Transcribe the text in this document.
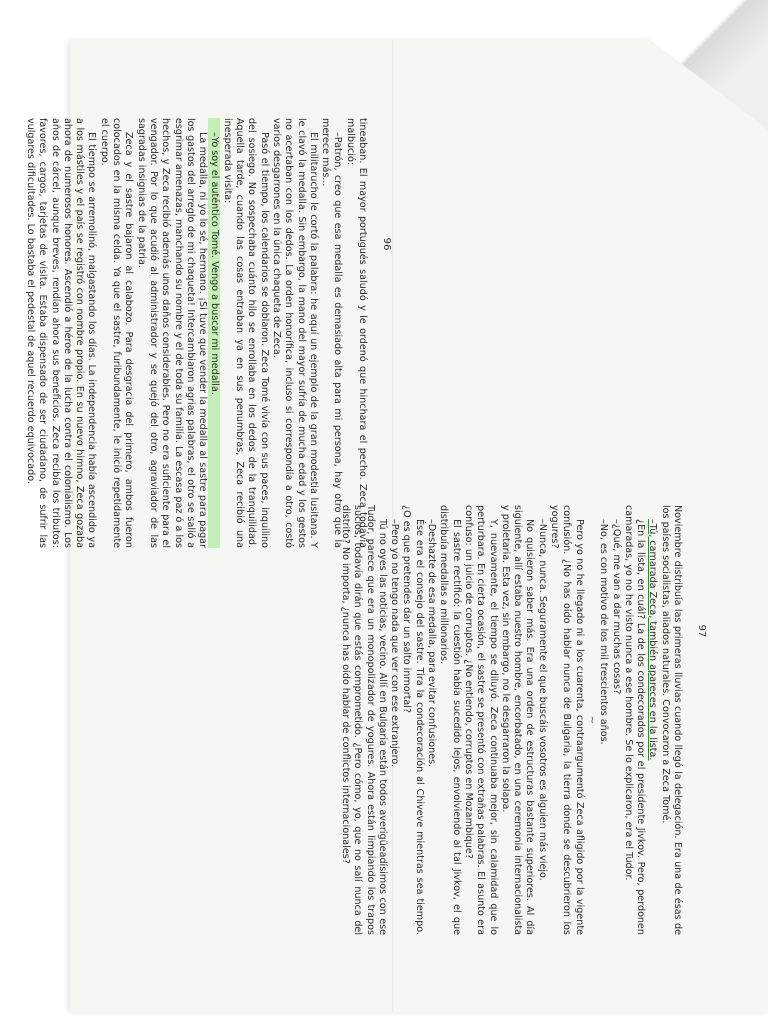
96

tineaban. El mayor portugués saludó y le ordenó que hinchara el pecho. Zeca todavía malbució:

–Patrón, creo que esa medalla es demasiado alta para mi persona, hay otro que la merece más...

El militarucho le cortó la palabra: he aquí un ejemplo de la gran modestia lusitana. Y le clavó la medalla. Sin embargo, la mano del mayor sufría de mucha edad y los gestos no acertaban con los dedos. La orden honorífica, incluso si correspondía a otro, costó varios desgarrones en la única chaqueta de Zeca.

Pasó el tiempo, los calendarios se doblaron. Zeca Tomé vivía con sus paces, inquilino del sosiego. No sospechaba cuánto hilo se enrollaba en los dedos de la tranquilidad. Aquella tarde, cuando las cosas entraban ya en sus penumbras, Zeca recibió una inesperada visita:

–Yo soy el auténtico Tomé. Vengo a buscar mi medalla.

La medalla, ni yo lo sé, hermano. ¡Si tuve que vender la medalla al sastre para pagar los gastos del arreglo de mi chaqueta! Intercambiaron agrias palabras, el otro se salió a esgrimar amenazas, manchando su nombre y el de toda su familia. La escasa paz ó a los hechos, y Zeca recibió además unos daños considerables. Pero no era suficiente para el vengador. Por lo que acudió al administrador y se quejó del otro, agraviador de las sagradas insignias de la patria.

Zeca y el sastre bajaron al calabozo. Para desgracia del primero, ambos fueron colocados en la misma celda. Ya que el sastre, furibundamente, le inició repetidamente el cuerpo.

El tiempo se arremolinó, malgastando los días. La independencia había ascendido ya a los mástiles y el país se registró con nombre propio. En su nuevo himno, Zeca gozaba ahora de numerosos honores. Ascendió a héroe de la lucha contra el colonialismo. Los años de cárcel, aunque breves, rendían ahora sus beneficios. Zeca recibía los tributos: favores, cargos, tarjetas de visita. Estaba dispensado de ser ciudadano, de sufrir las vulgares dificultades. Lo bastaba el pedestal de aquel recuerdo equivocado.

97

Noviembre distribuía las primeras lluvias cuando llegó la delegación. Era una de ésas de los países socialistas, aliados naturales. Convocaron a Zeca Tomé.

–Tú, camarada Zeca, también apareces en la lista.

¿En la lista, en cuál? La de los condecorados por el presidente Jivkov. Pero, perdonen camaradas, yo no he visto nunca a ese hombre. Se lo explicaron, era el Tudor.

–¿Qué, me van a dar muchas cosas?

–No, es con motivo de los mil trescientos años.

~

Pero yo no he llegado ni a los cuarenta, contraargumentó Zeca afligido por la vigente confusión. ¿No has oído hablar nunca de Bulgaria, la tierra donde se descubrieron los yogures?

–Nunca, nunca. Seguramente el que buscáis vosotros es alguien más viejo.

No quisieron saber más. Era una orden de estructuras bastante superiores. Al día siguiente, allí estaba nuestro hombre, encorbatado, en una ceremonia internacionalista y proletaria. Esta vez, sin embargo, no le desgarraron la solapa.

Y, nuevamente, el tiempo se diluyó. Zeca continuaba mejor, sin calamidad que lo perturbara. En cierta ocasión, el sastre se presentó con extrañas palabras. El asunto era confuso: un juicio de corruptos. ¿No entiendo, corruptos en Mozambique?

El sastre rectificó: la cuestión había sucedido lejos, envolviendo al tal Jivkov, el que distribuía medallas a millonarios.

–Deshazte de esa medalla, para evitar confusiones.

Ése era el consejo del sastre. Tira la condecoración al Chiveve mientras sea tiempo. ¿O es que pretendes dar un salto inmortal?

–Pero yo no tengo nada que ver con ese extranjero.

Tú no oyes las noticias, vecino. Allí en Bulgaria están todos averigüeadísimos con ese Tudor, parece que era un monopolizador de yogures. Ahora están limpiando los trapos sucios, todavía dirán que estás comprometido. ¿Pero cómo, yo, que no salí nunca del distrito? No importa, ¿nunca has oído hablar de conflictos internacionales?
